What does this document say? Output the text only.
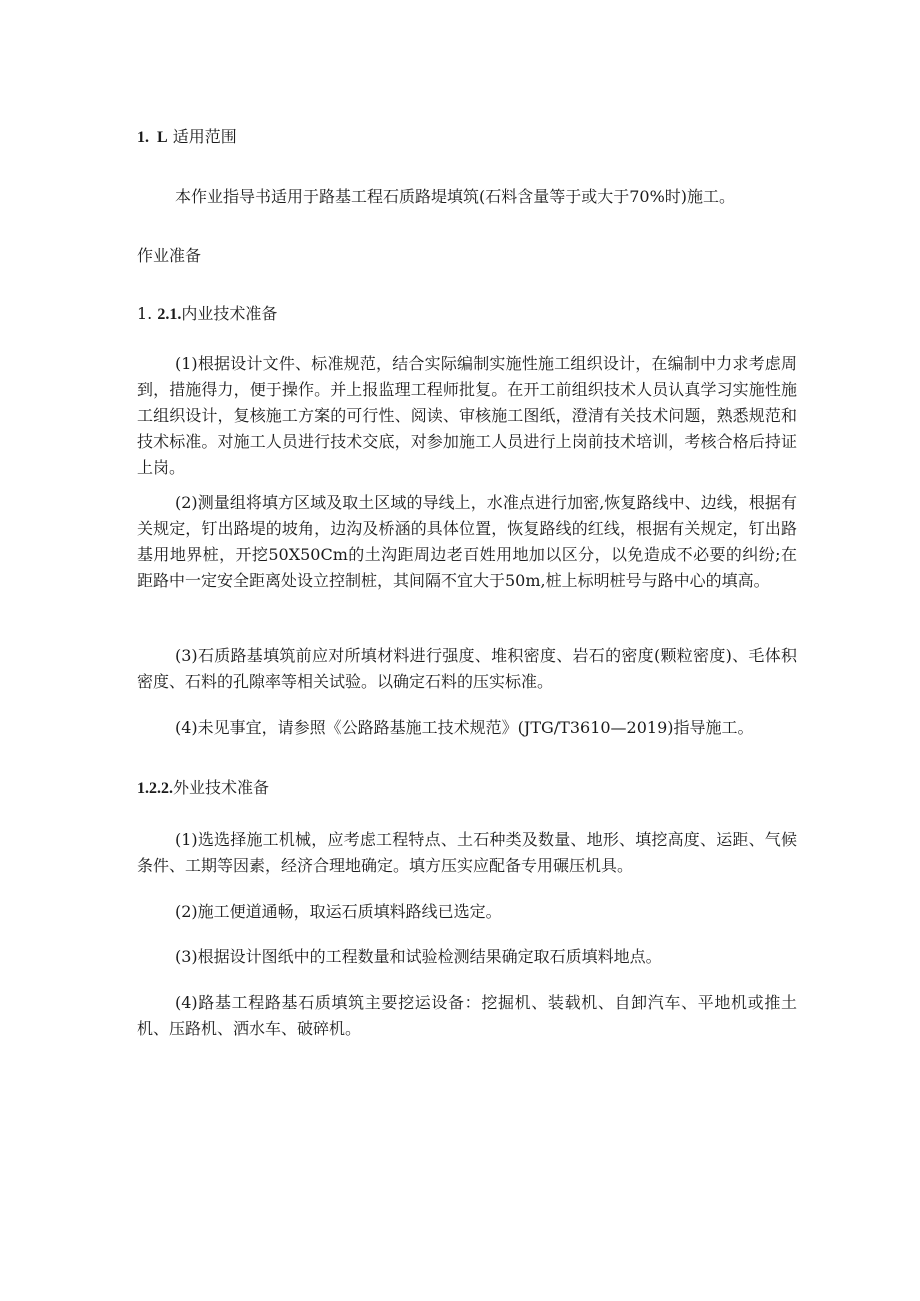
1.  L 适用范围

本作业指导书适用于路基工程石质路堤填筑(石料含量等于或大于70%时)施工。

作业准备

1. 2.1.内业技术准备

(1)根据设计文件、标准规范，结合实际编制实施性施工组织设计，在编制中力求考虑周到，措施得力，便于操作。并上报监理工程师批复。在开工前组织技术人员认真学习实施性施工组织设计，复核施工方案的可行性、阅读、审核施工图纸，澄清有关技术问题，熟悉规范和技术标准。对施工人员进行技术交底，对参加施工人员进行上岗前技术培训，考核合格后持证上岗。

(2)测量组将填方区域及取土区域的导线上，水准点进行加密,恢复路线中、边线，根据有关规定，钉出路堤的坡角，边沟及桥涵的具体位置，恢复路线的红线，根据有关规定，钉出路基用地界桩，开挖50X50Cm的土沟距周边老百姓用地加以区分，以免造成不必要的纠纷;在距路中一定安全距离处设立控制桩，其间隔不宜大于50m,桩上标明桩号与路中心的填高。

(3)石质路基填筑前应对所填材料进行强度、堆积密度、岩石的密度(颗粒密度)、毛体积密度、石料的孔隙率等相关试验。以确定石料的压实标准。

(4)未见事宜，请参照《公路路基施工技术规范》(JTG/T3610—2019)指导施工。

1.2.2.外业技术准备

(1)选选择施工机械，应考虑工程特点、土石种类及数量、地形、填挖高度、运距、气候条件、工期等因素，经济合理地确定。填方压实应配备专用碾压机具。

(2)施工便道通畅，取运石质填料路线已选定。

(3)根据设计图纸中的工程数量和试验检测结果确定取石质填料地点。

(4)路基工程路基石质填筑主要挖运设备：挖掘机、装载机、自卸汽车、平地机或推土机、压路机、洒水车、破碎机。
